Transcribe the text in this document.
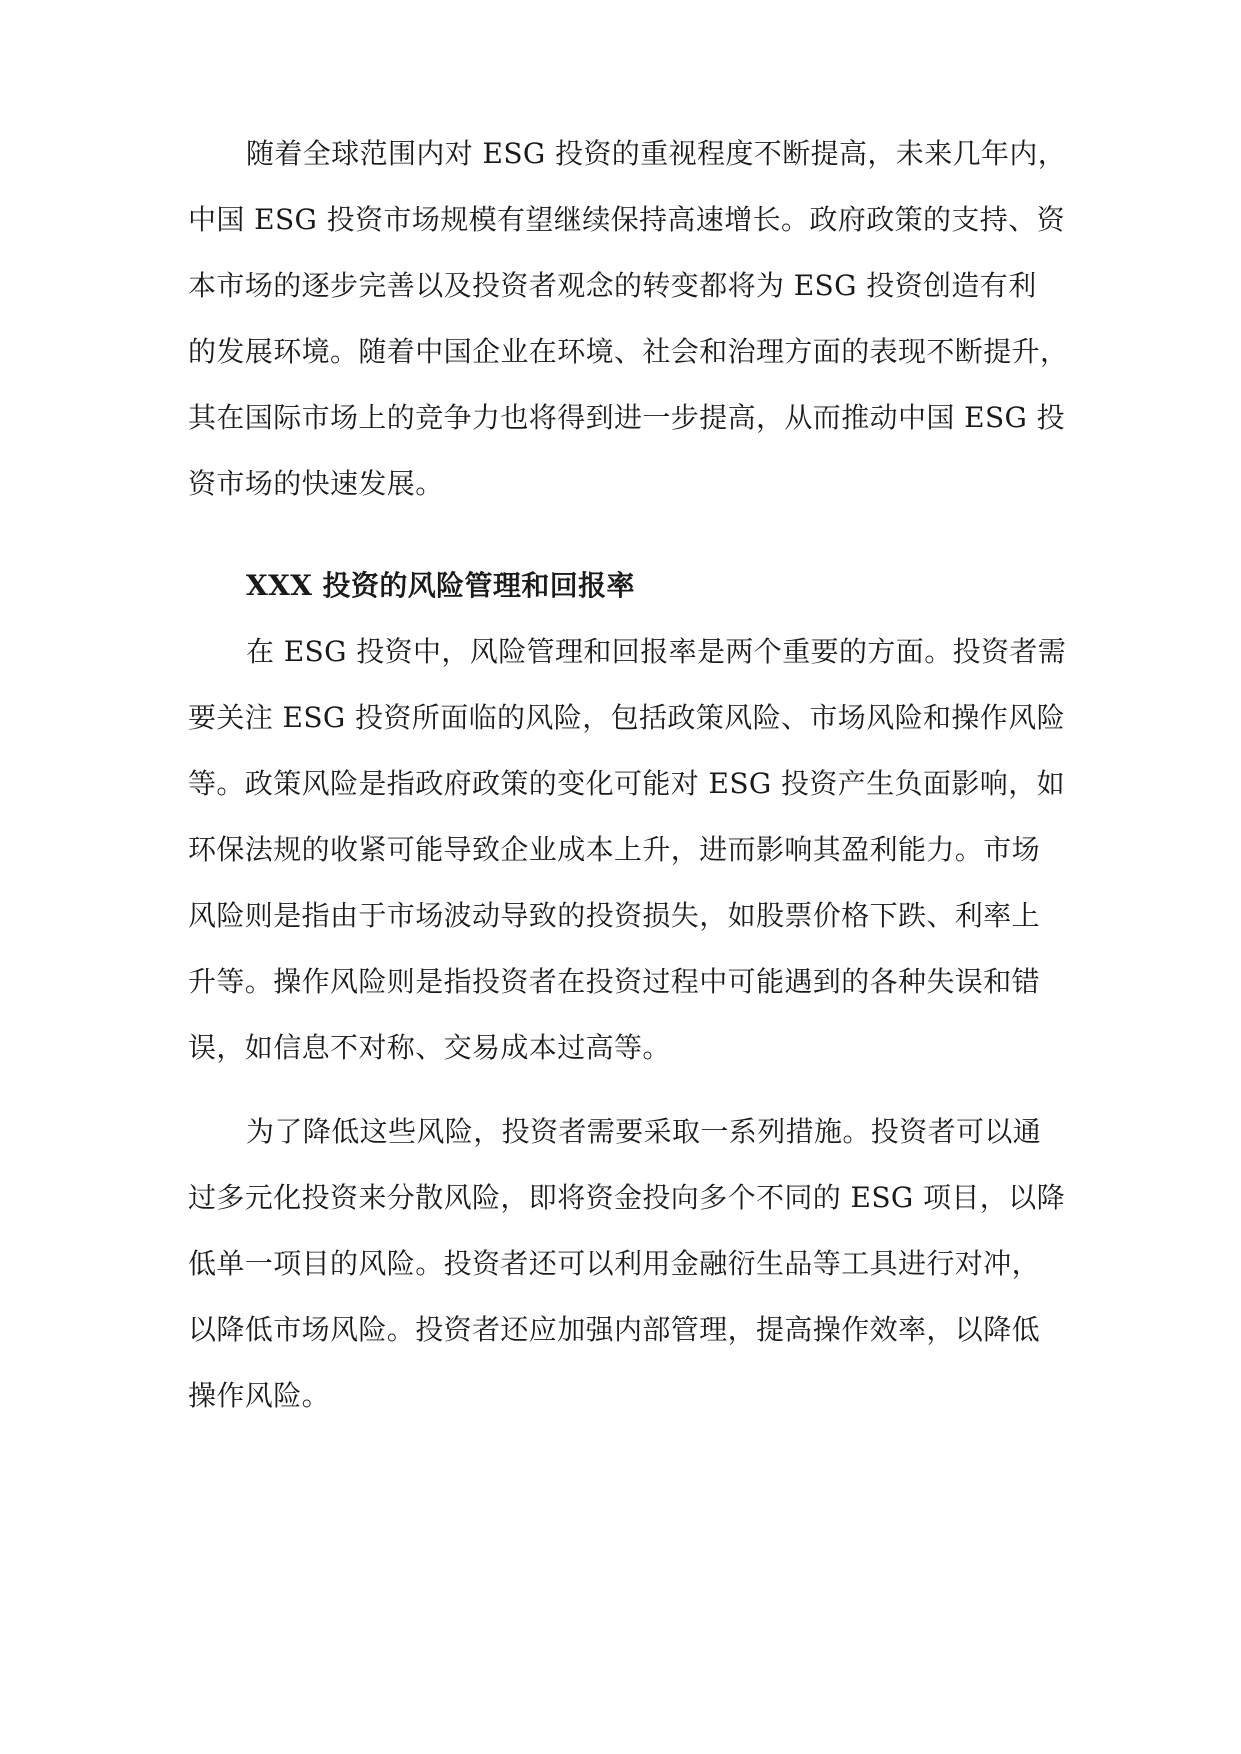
随着全球范围内对 ESG 投资的重视程度不断提高，未来几年内，
中国 ESG 投资市场规模有望继续保持高速增长。政府政策的支持、资
本市场的逐步完善以及投资者观念的转变都将为 ESG 投资创造有利
的发展环境。随着中国企业在环境、社会和治理方面的表现不断提升，
其在国际市场上的竞争力也将得到进一步提高，从而推动中国 ESG 投
资市场的快速发展。
XXX 投资的风险管理和回报率
在 ESG 投资中，风险管理和回报率是两个重要的方面。投资者需
要关注 ESG 投资所面临的风险，包括政策风险、市场风险和操作风险
等。政策风险是指政府政策的变化可能对 ESG 投资产生负面影响，如
环保法规的收紧可能导致企业成本上升，进而影响其盈利能力。市场
风险则是指由于市场波动导致的投资损失，如股票价格下跌、利率上
升等。操作风险则是指投资者在投资过程中可能遇到的各种失误和错
误，如信息不对称、交易成本过高等。
为了降低这些风险，投资者需要采取一系列措施。投资者可以通
过多元化投资来分散风险，即将资金投向多个不同的 ESG 项目，以降
低单一项目的风险。投资者还可以利用金融衍生品等工具进行对冲，
以降低市场风险。投资者还应加强内部管理，提高操作效率，以降低
操作风险。
